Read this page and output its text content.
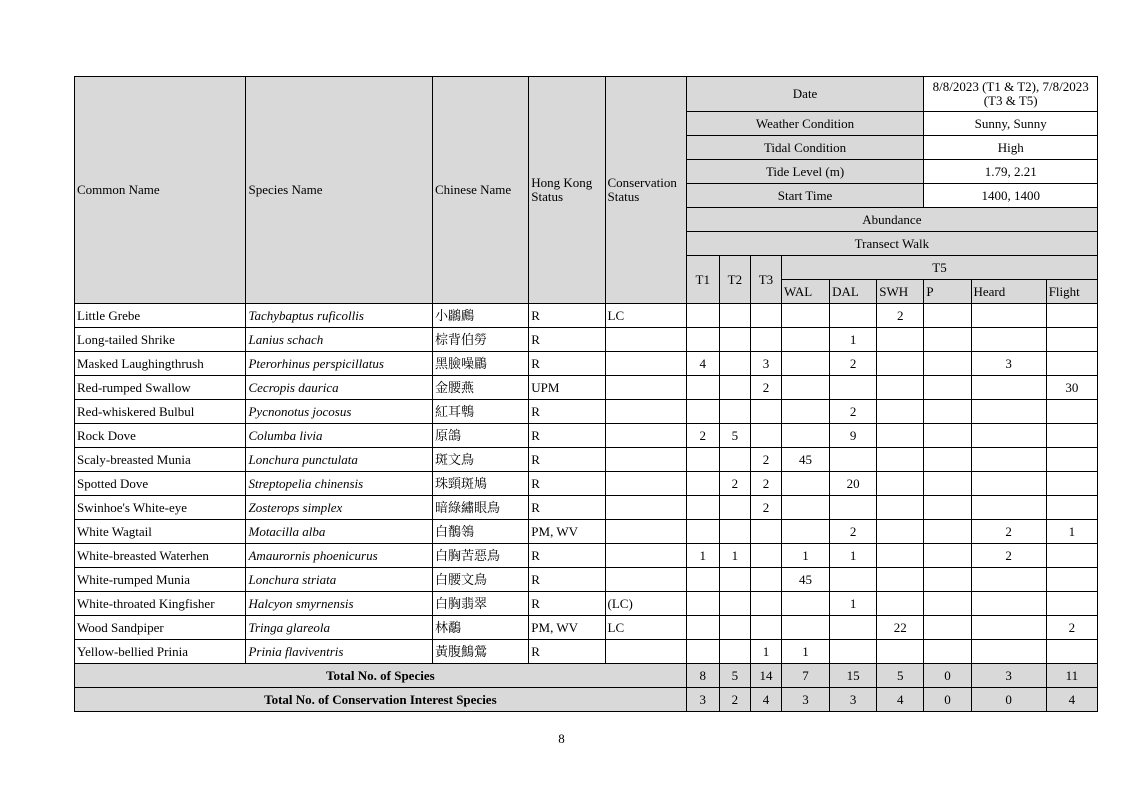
Common Name	Species Name	Chinese Name	Hong Kong Status	Conservation Status	Date						8/8/2023 (T1 & T2), 7/8/2023 (T3 & T5)		
					Weather Condition						Sunny, Sunny		
					Tidal Condition						High		
					Tide Level (m)						1.79, 2.21		
					Start Time						1400, 1400		
					Abundance								
					Transect Walk								
					T1	T2	T3	T5					
								WAL	DAL	SWH	P	Heard	Flight
Little Grebe	Tachybaptus ruficollis	小鸊鷉	R	LC						2			
Long-tailed Shrike	Lanius schach	棕背伯勞	R						1				
Masked Laughingthrush	Pterorhinus perspicillatus	黑臉噪鶥	R		4		3		2			3	
Red-rumped Swallow	Cecropis daurica	金腰燕	UPM				2						30
Red-whiskered Bulbul	Pycnonotus jocosus	紅耳鵯	R						2				
Rock Dove	Columba livia	原鴿	R		2	5			9				
Scaly-breasted Munia	Lonchura punctulata	斑文鳥	R				2	45					
Spotted Dove	Streptopelia chinensis	珠頸斑鳩	R			2	2		20				
Swinhoe's White-eye	Zosterops simplex	暗綠繡眼鳥	R				2						
White Wagtail	Motacilla alba	白鶺鴒	PM, WV						2			2	1
White-breasted Waterhen	Amaurornis phoenicurus	白胸苦惡鳥	R		1	1		1	1			2	
White-rumped Munia	Lonchura striata	白腰文鳥	R					45					
White-throated Kingfisher	Halcyon smyrnensis	白胸翡翠	R	(LC)					1				
Wood Sandpiper	Tringa glareola	林鷸	PM, WV	LC						22			2
Yellow-bellied Prinia	Prinia flaviventris	黃腹鷦鶯	R				1	1					
Total No. of Species					8	5	14	7	15	5	0	3	11
Total No. of Conservation Interest Species					3	2	4	3	3	4	0	0	4
8
